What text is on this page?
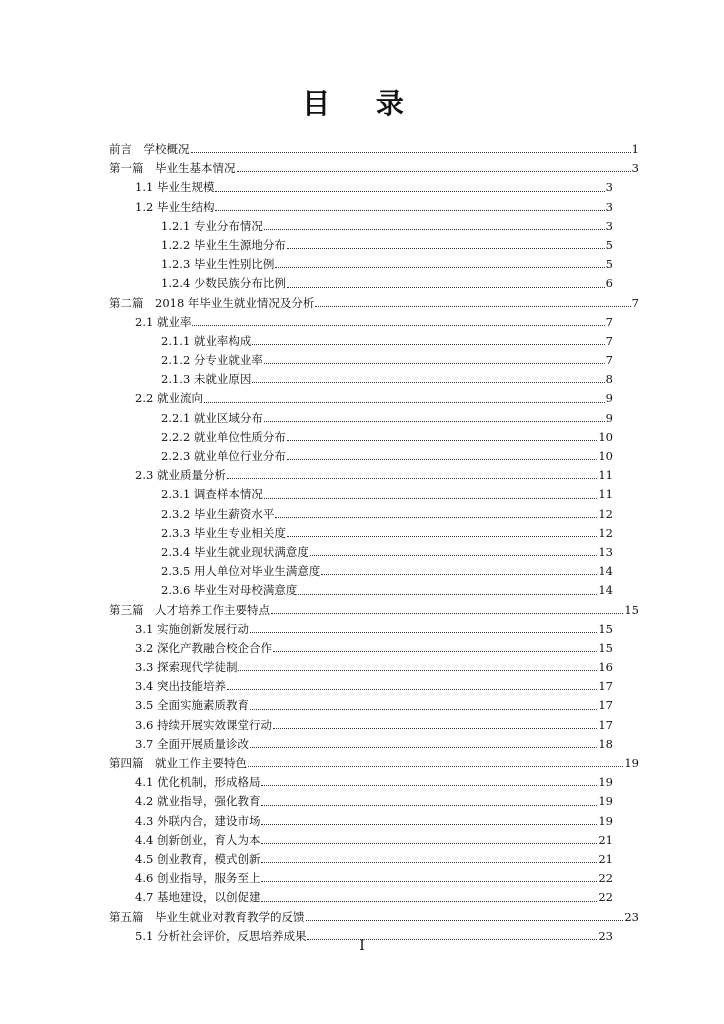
目 录
前言　学校概况	1
第一篇　毕业生基本情况	3
1.1 毕业生规模	3
1.2 毕业生结构	3
1.2.1 专业分布情况	3
1.2.2 毕业生生源地分布	5
1.2.3 毕业生性别比例	5
1.2.4 少数民族分布比例	6
第二篇　2018 年毕业生就业情况及分析	7
2.1 就业率	7
2.1.1 就业率构成	7
2.1.2 分专业就业率	7
2.1.3 未就业原因	8
2.2 就业流向	9
2.2.1 就业区域分布	9
2.2.2 就业单位性质分布	10
2.2.3 就业单位行业分布	10
2.3 就业质量分析	11
2.3.1 调查样本情况	11
2.3.2 毕业生薪资水平	12
2.3.3 毕业生专业相关度	12
2.3.4 毕业生就业现状满意度	13
2.3.5 用人单位对毕业生满意度	14
2.3.6 毕业生对母校满意度	14
第三篇　人才培养工作主要特点	15
3.1 实施创新发展行动	15
3.2 深化产教融合校企合作	15
3.3 探索现代学徒制	16
3.4 突出技能培养	17
3.5 全面实施素质教育	17
3.6 持续开展实效课堂行动	17
3.7 全面开展质量诊改	18
第四篇　就业工作主要特色	19
4.1 优化机制，形成格局	19
4.2 就业指导，强化教育	19
4.3 外联内合，建设市场	19
4.4 创新创业，育人为本	21
4.5 创业教育，模式创新	21
4.6 创业指导，服务至上	22
4.7 基地建设，以创促建	22
第五篇　毕业生就业对教育教学的反馈	23
5.1 分析社会评价，反思培养成果	23
I
